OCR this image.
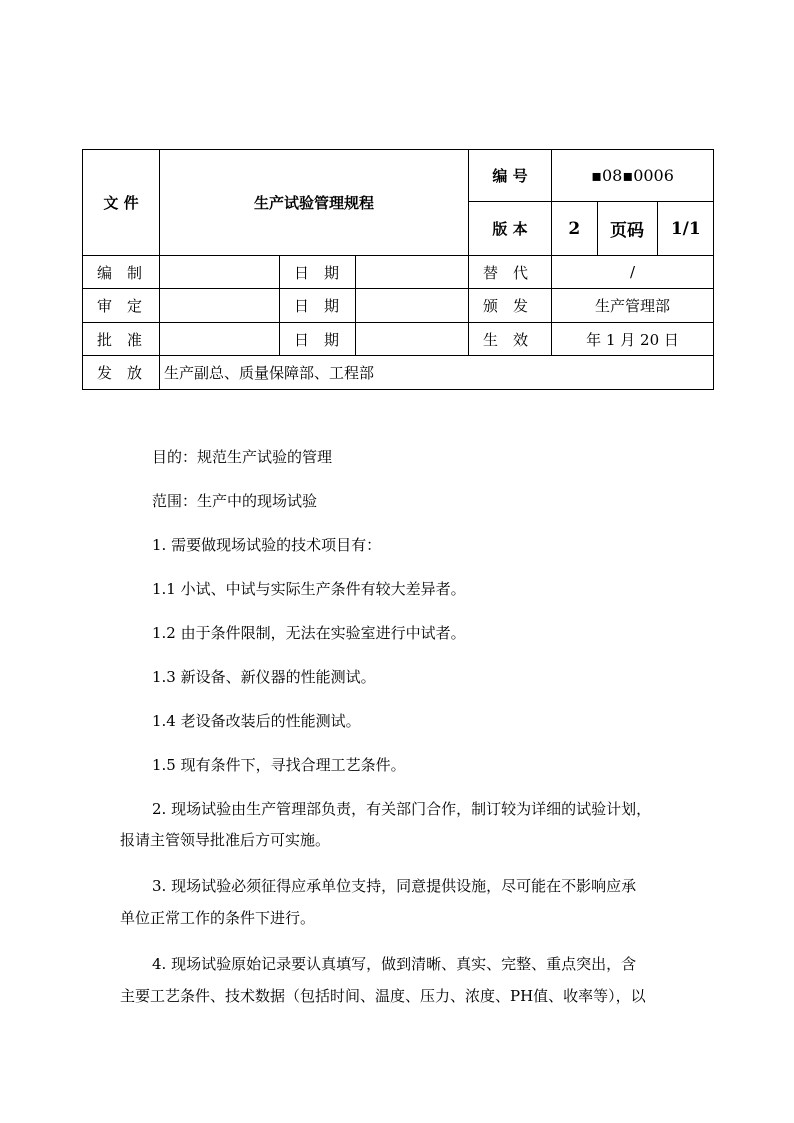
文 件	生产试验管理规程	编 号	▪08▪0006
版 本	2	页码	1/1

编　制		日　期		替　代	/
审　定		日　期		颁　发	生产管理部
批　准		日　期		生　效	年 1 月 20 日
发　放	生产副总、质量保障部、工程部
目的：规范生产试验的管理
范围：生产中的现场试验
1. 需要做现场试验的技术项目有：
1.1 小试、中试与实际生产条件有较大差异者。
1.2 由于条件限制，无法在实验室进行中试者。
1.3 新设备、新仪器的性能测试。
1.4 老设备改装后的性能测试。
1.5 现有条件下，寻找合理工艺条件。
2. 现场试验由生产管理部负责，有关部门合作，制订较为详细的试验计划，
报请主管领导批准后方可实施。
3. 现场试验必须征得应承单位支持，同意提供设施，尽可能在不影响应承
单位正常工作的条件下进行。
4. 现场试验原始记录要认真填写，做到清晰、真实、完整、重点突出，含
主要工艺条件、技术数据（包括时间、温度、压力、浓度、PH值、收率等），以
